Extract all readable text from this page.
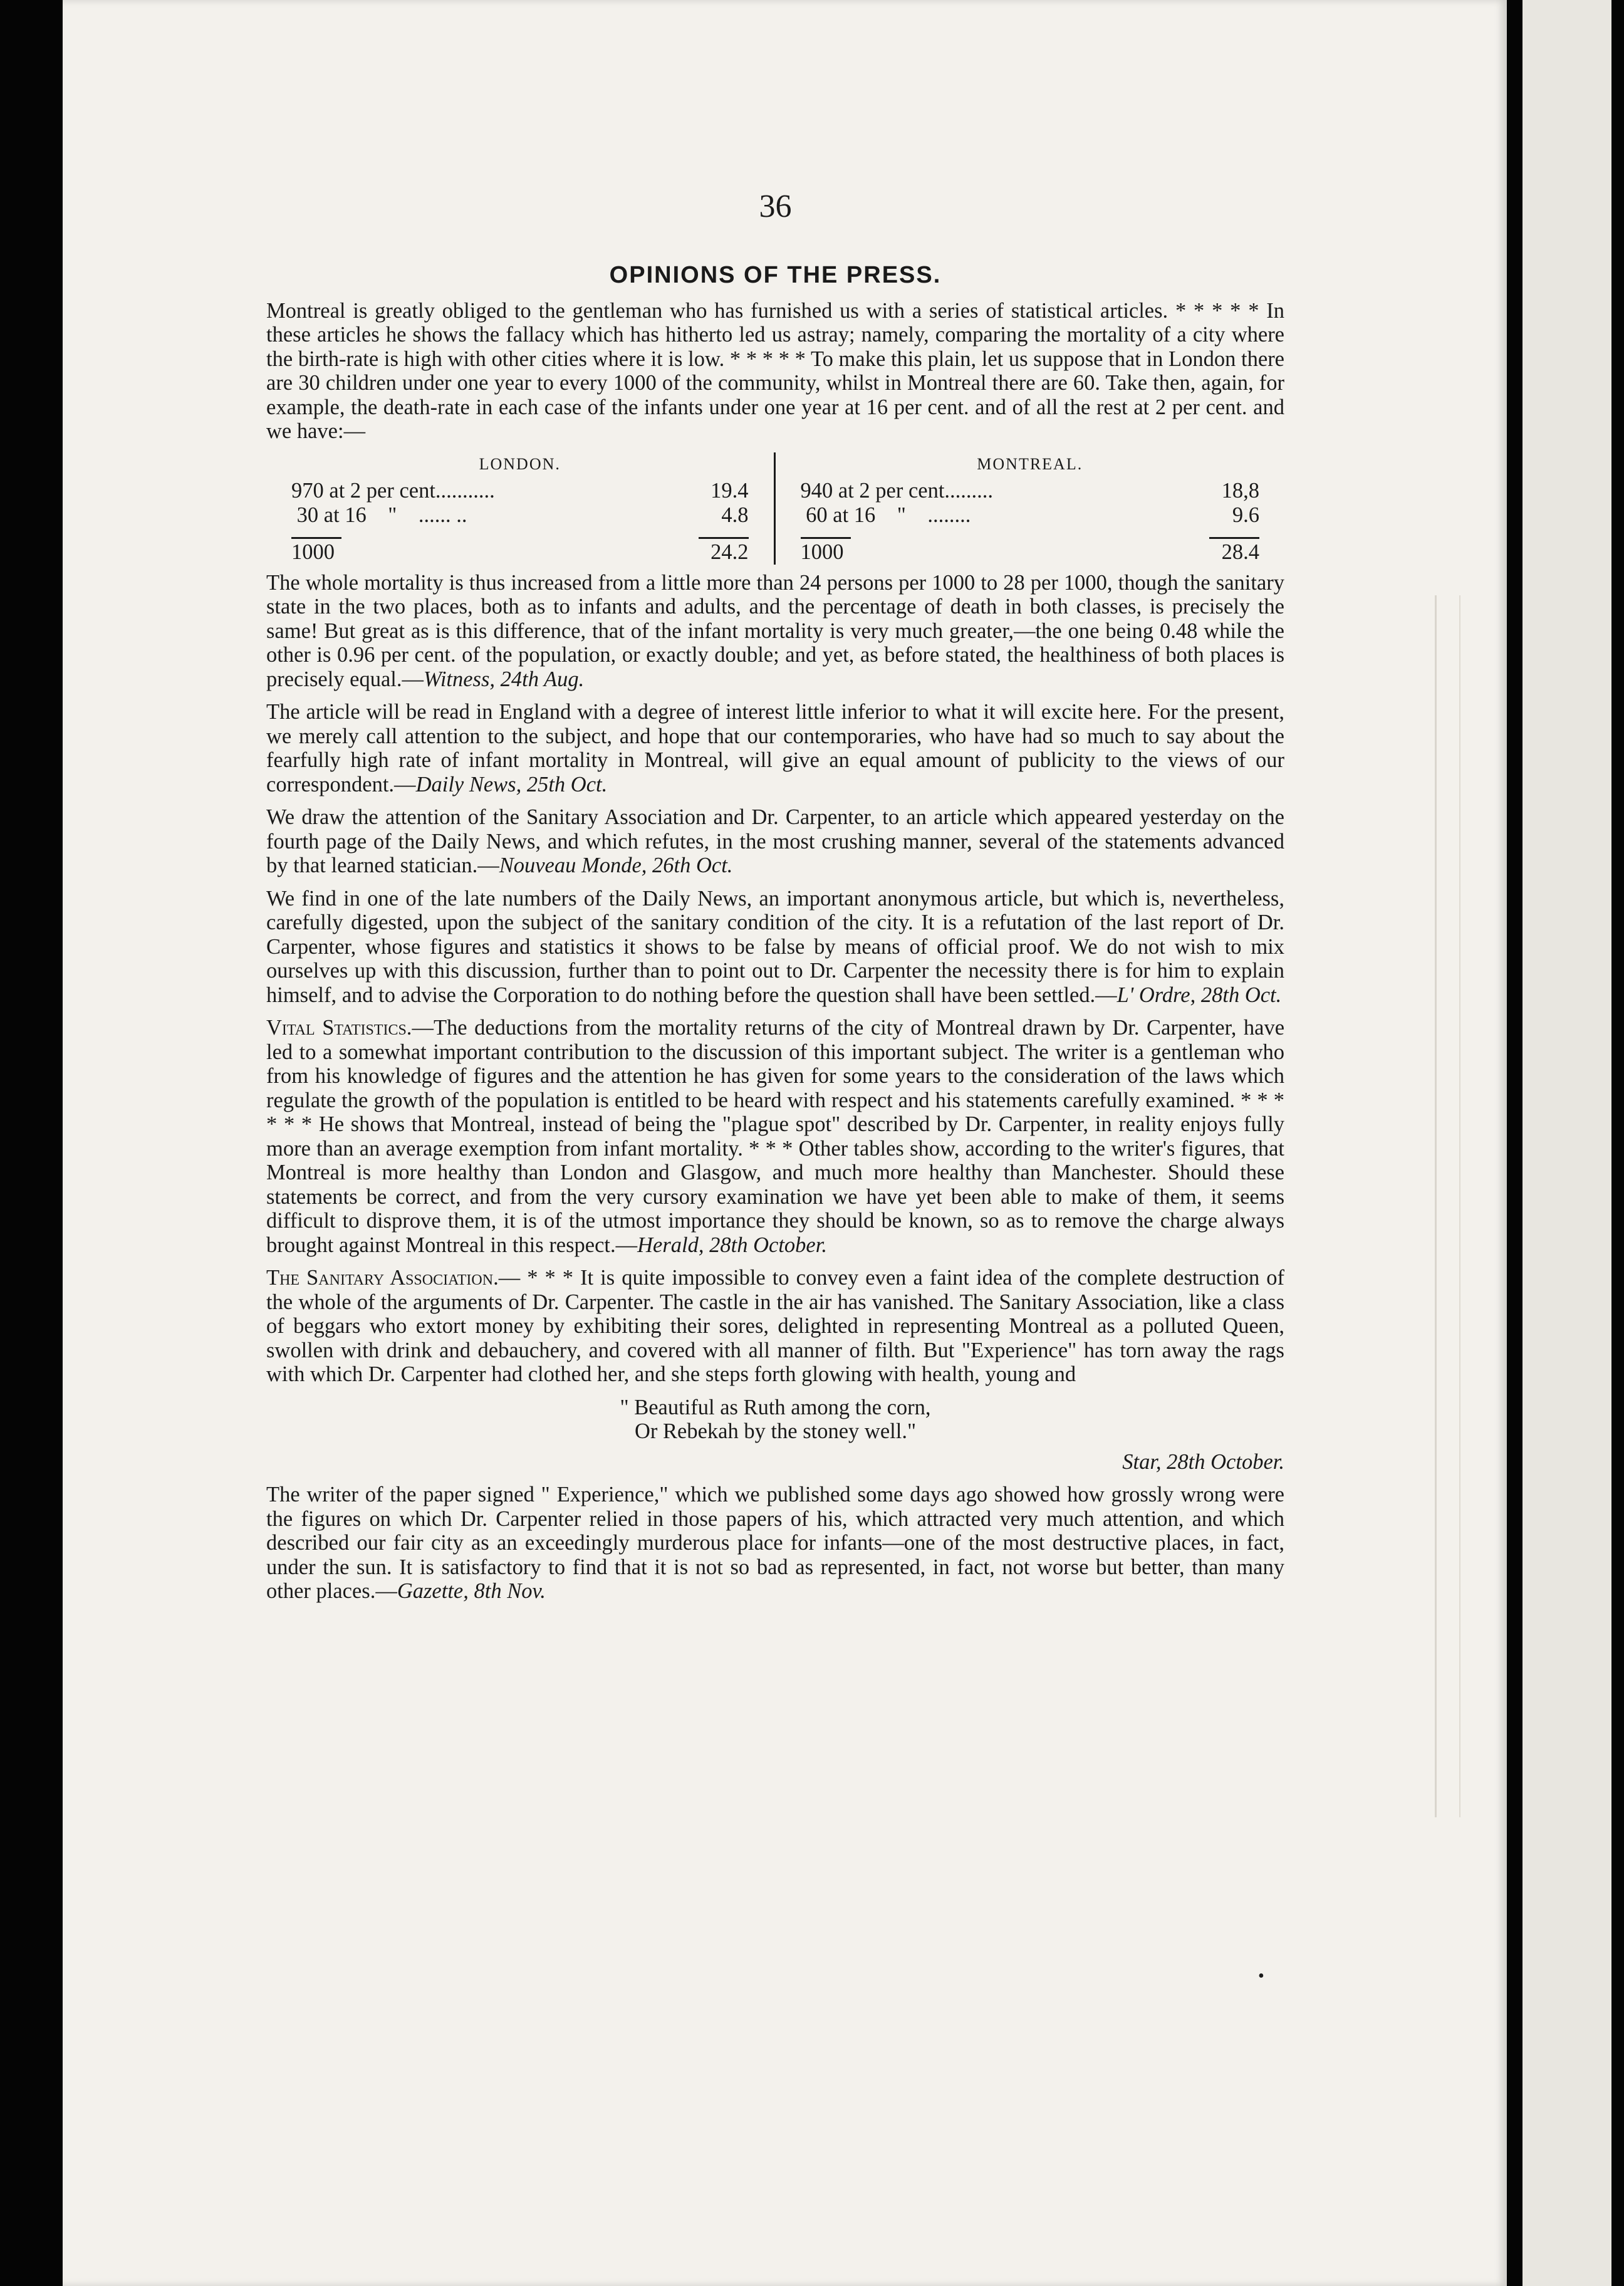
36
OPINIONS OF THE PRESS.

Montreal is greatly obliged to the gentleman who has furnished us with a series of statistical articles. * * * * * In these articles he shows the fallacy which has hitherto led us astray; namely, comparing the mortality of a city where the birth-rate is high with other cities where it is low. * * * * * To make this plain, let us suppose that in London there are 30 children under one year to every 1000 of the community, whilst in Montreal there are 60. Take then, again, for example, the death-rate in each case of the infants under one year at 16 per cent. and of all the rest at 2 per cent. and we have:—

LONDON.
970 at 2 per cent...........	19.4
30 at 16    "    ...... ..	4.8
1000	24.2
MONTREAL.
940 at 2 per cent.........	18,8
60 at 16    "    ........	9.6
1000	28.4

The whole mortality is thus increased from a little more than 24 persons per 1000 to 28 per 1000, though the sanitary state in the two places, both as to infants and adults, and the percentage of death in both classes, is precisely the same! But great as is this difference, that of the infant mortality is very much greater,—the one being 0.48 while the other is 0.96 per cent. of the population, or exactly double; and yet, as before stated, the healthiness of both places is precisely equal.—Witness, 24th Aug.

The article will be read in England with a degree of interest little inferior to what it will excite here. For the present, we merely call attention to the subject, and hope that our contemporaries, who have had so much to say about the fearfully high rate of infant mortality in Montreal, will give an equal amount of publicity to the views of our correspondent.—Daily News, 25th Oct.

We draw the attention of the Sanitary Association and Dr. Carpenter, to an article which appeared yesterday on the fourth page of the Daily News, and which refutes, in the most crushing manner, several of the statements advanced by that learned statician.—Nouveau Monde, 26th Oct.

We find in one of the late numbers of the Daily News, an important anonymous article, but which is, nevertheless, carefully digested, upon the subject of the sanitary condition of the city. It is a refutation of the last report of Dr. Carpenter, whose figures and statistics it shows to be false by means of official proof. We do not wish to mix ourselves up with this discussion, further than to point out to Dr. Carpenter the necessity there is for him to explain himself, and to advise the Corporation to do nothing before the question shall have been settled.—L' Ordre, 28th Oct.

Vital Statistics.—The deductions from the mortality returns of the city of Montreal drawn by Dr. Carpenter, have led to a somewhat important contribution to the discussion of this important subject. The writer is a gentleman who from his knowledge of figures and the attention he has given for some years to the consideration of the laws which regulate the growth of the population is entitled to be heard with respect and his statements carefully examined. * * * * * * He shows that Montreal, instead of being the "plague spot" described by Dr. Carpenter, in reality enjoys fully more than an average exemption from infant mortality. * * * Other tables show, according to the writer's figures, that Montreal is more healthy than London and Glasgow, and much more healthy than Manchester. Should these statements be correct, and from the very cursory examination we have yet been able to make of them, it seems difficult to disprove them, it is of the utmost importance they should be known, so as to remove the charge always brought against Montreal in this respect.—Herald, 28th October.

The Sanitary Association.— * * * It is quite impossible to convey even a faint idea of the complete destruction of the whole of the arguments of Dr. Carpenter. The castle in the air has vanished. The Sanitary Association, like a class of beggars who extort money by exhibiting their sores, delighted in representing Montreal as a polluted Queen, swollen with drink and debauchery, and covered with all manner of filth. But "Experience" has torn away the rags with which Dr. Carpenter had clothed her, and she steps forth glowing with health, young and

" Beautiful as Ruth among the corn,
Or Rebekah by the stoney well."
Star, 28th October.

The writer of the paper signed " Experience," which we published some days ago showed how grossly wrong were the figures on which Dr. Carpenter relied in those papers of his, which attracted very much attention, and which described our fair city as an exceedingly murderous place for infants—one of the most destructive places, in fact, under the sun. It is satisfactory to find that it is not so bad as represented, in fact, not worse but better, than many other places.—Gazette, 8th Nov.

•
